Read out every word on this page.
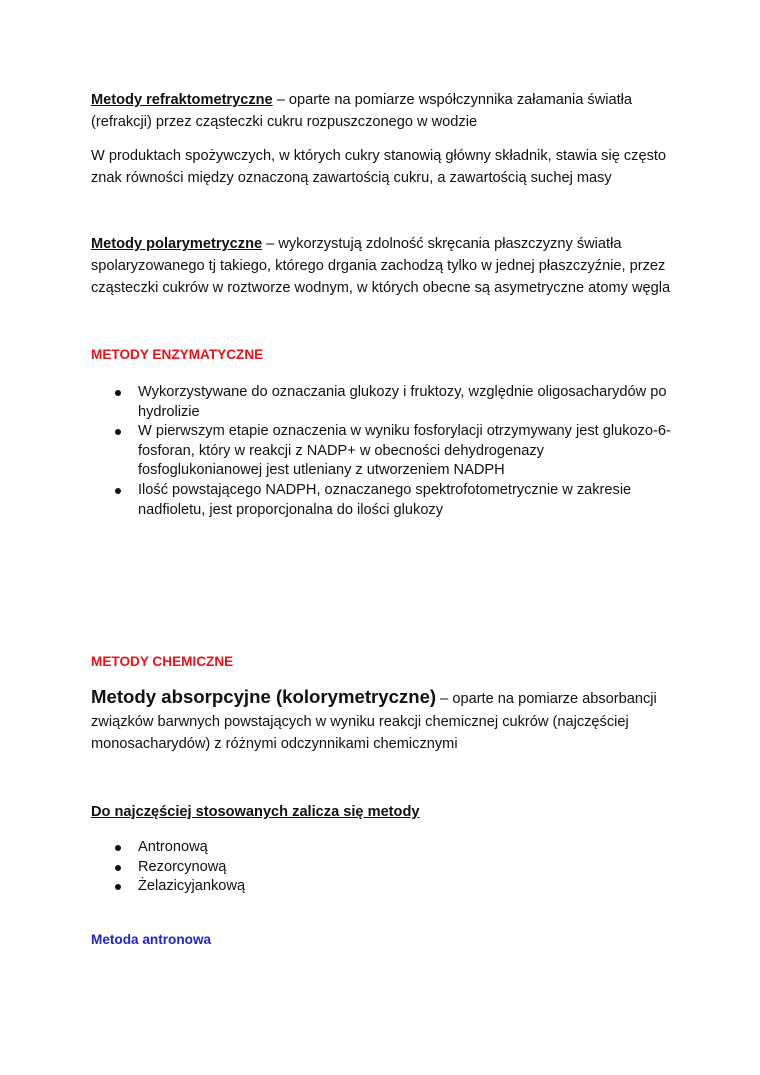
Metody refraktometryczne – oparte na pomiarze współczynnika załamania światła (refrakcji) przez cząsteczki cukru rozpuszczonego w wodzie
W produktach spożywczych, w których cukry stanowią główny składnik, stawia się często znak równości między oznaczoną zawartością cukru, a zawartością suchej masy
Metody polarymetryczne – wykorzystują zdolność skręcania płaszczyzny światła spolaryzowanego tj takiego, którego drgania zachodzą tylko w jednej płaszczyźnie, przez cząsteczki cukrów w roztworze wodnym, w których obecne są asymetryczne atomy węgla
METODY ENZYMATYCZNE
Wykorzystywane do oznaczania glukozy i fruktozy, względnie oligosacharydów po hydrolizie
W pierwszym etapie oznaczenia w wyniku fosforylacji otrzymywany jest glukozo-6-fosforan, który w reakcji z NADP+ w obecności dehydrogenazy fosfoglukonianowej jest utleniany z utworzeniem NADPH
Ilość powstającego NADPH, oznaczanego spektrofotometrycznie w zakresie nadfioletu, jest proporcjonalna do ilości glukozy
METODY CHEMICZNE
Metody absorpcyjne (kolorymetryczne) – oparte na pomiarze absorbancji związków barwnych powstających w wyniku reakcji chemicznej cukrów (najczęściej monosacharydów) z różnymi odczynnikami chemicznymi
Do najczęściej stosowanych zalicza się metody
Antronową
Rezorcynową
Żelazicyjankową
Metoda antronowa
